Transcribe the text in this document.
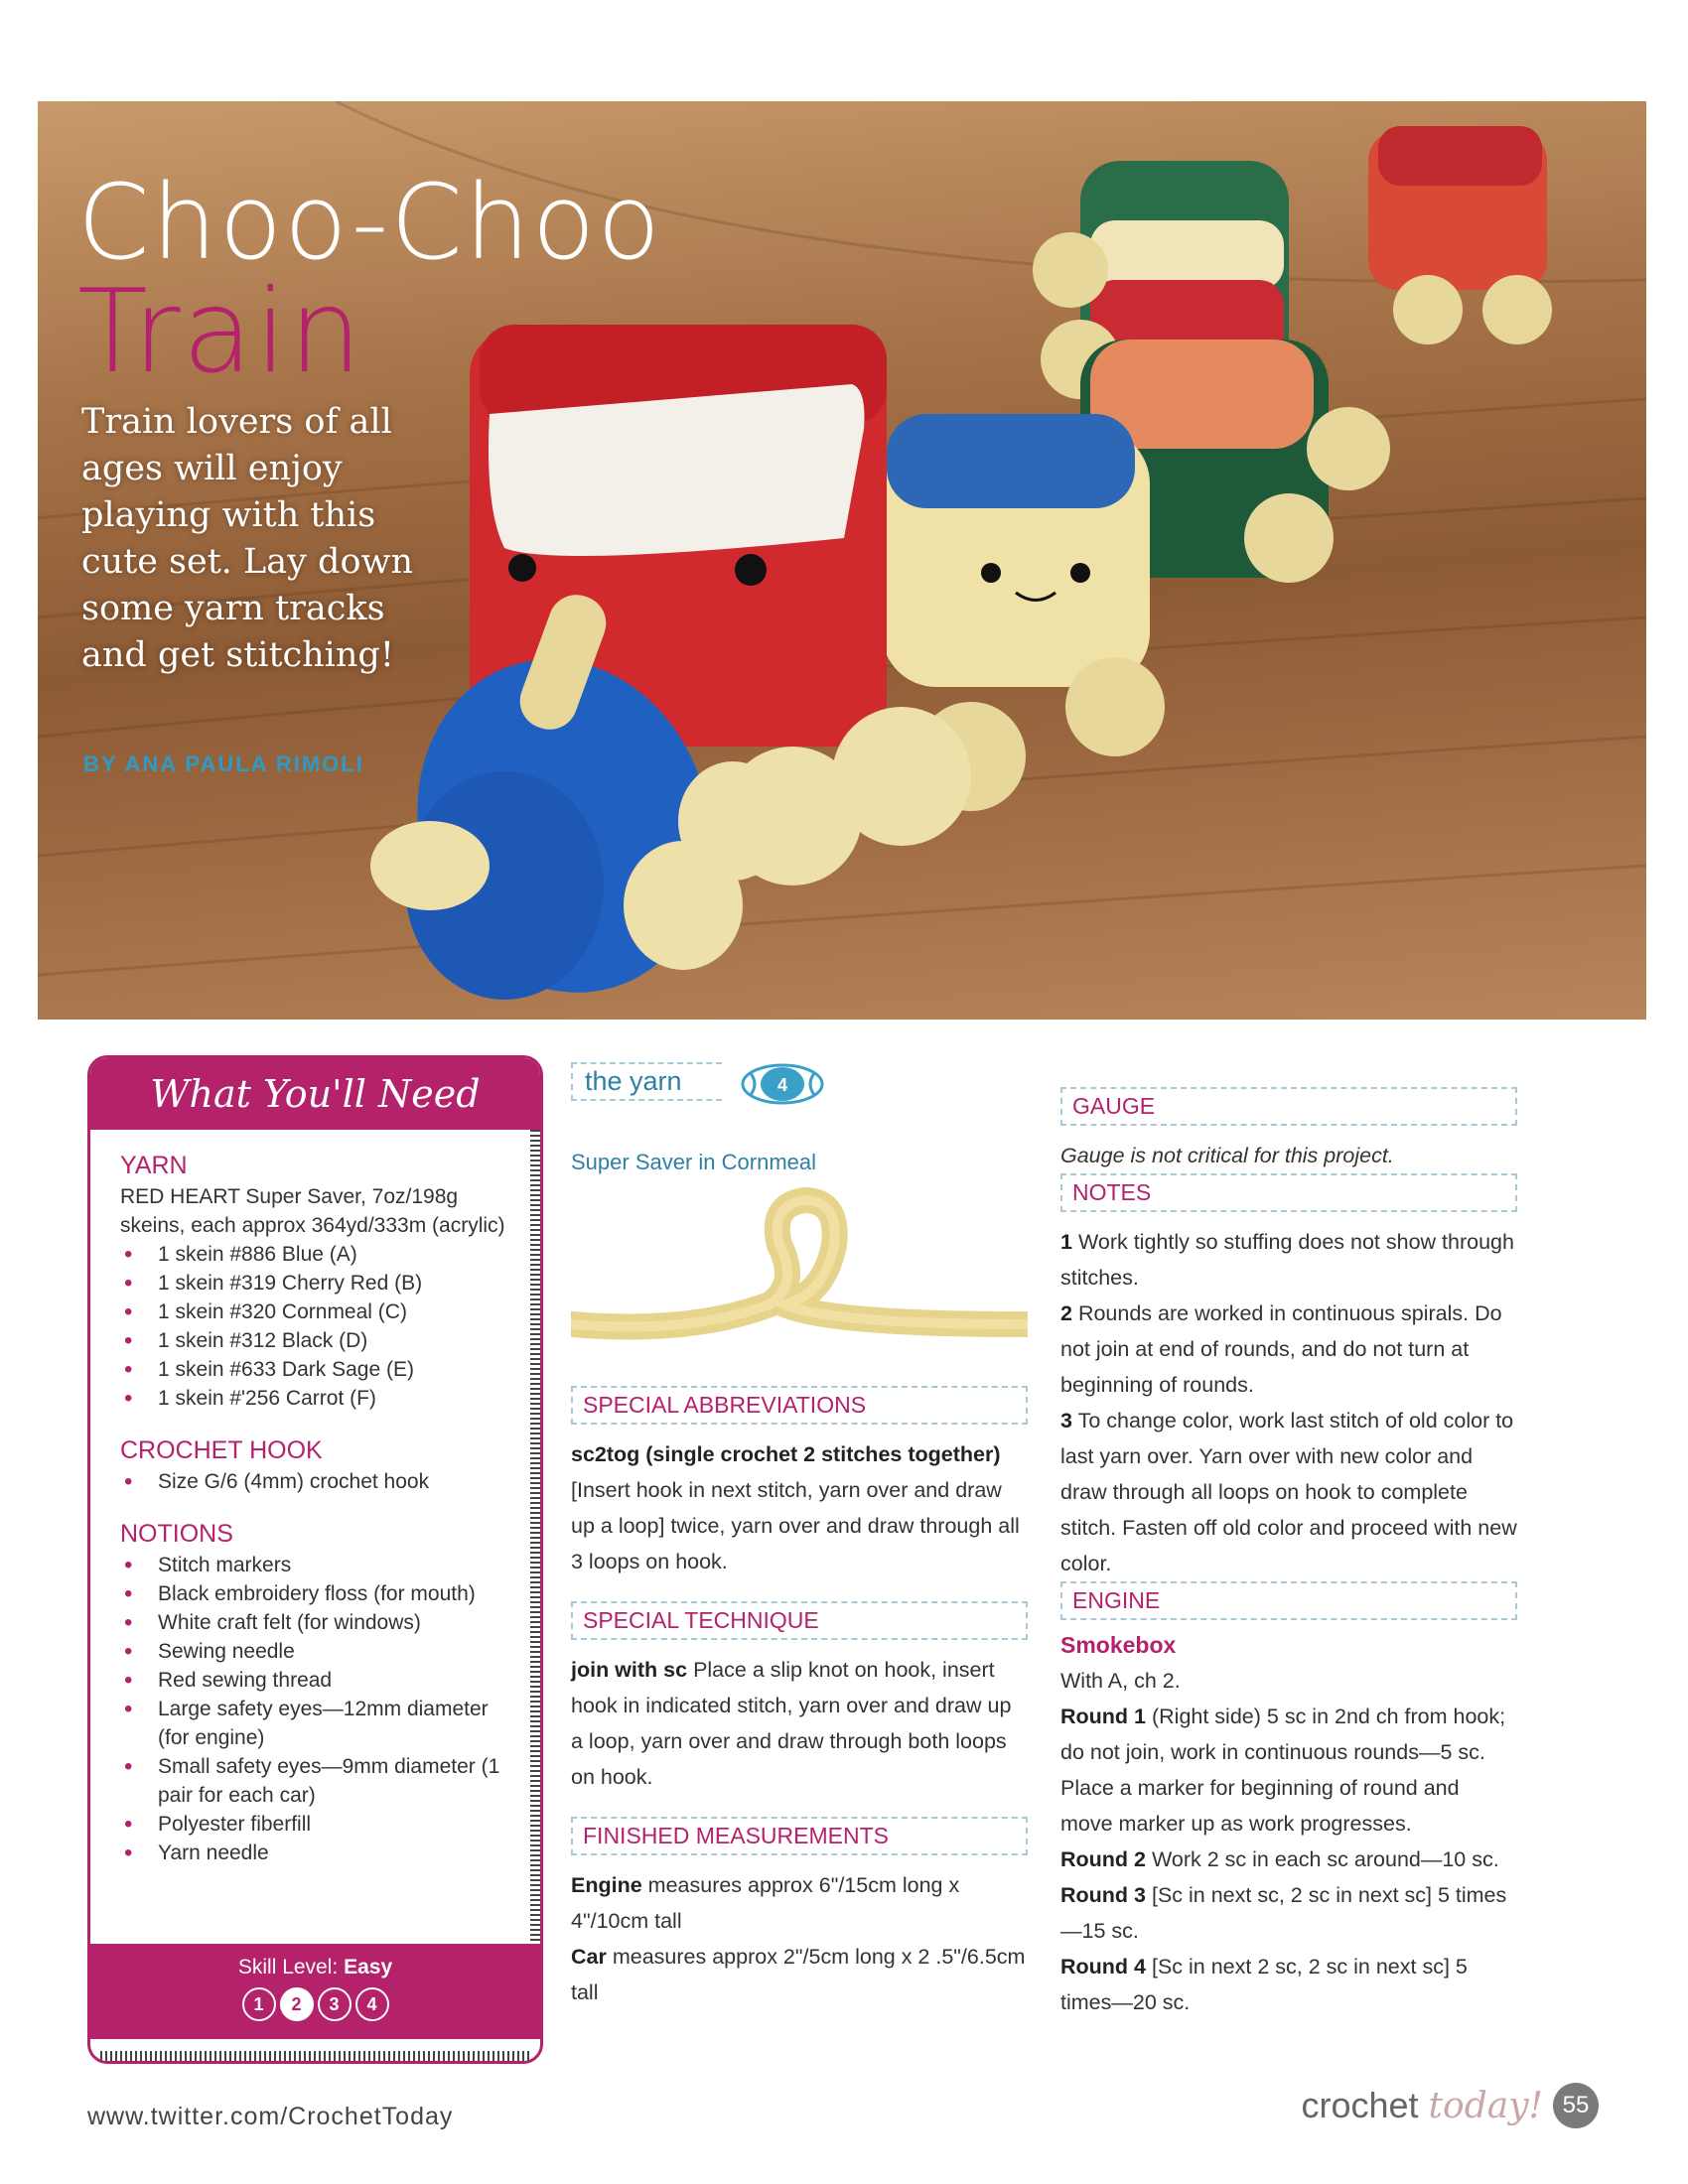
Choo-Choo
Train
Train lovers of all ages will enjoy playing with this cute set. Lay down some yarn tracks and get stitching!
BY ANA PAULA RIMOLI
What You'll Need
YARN
RED HEART Super Saver, 7oz/198g skeins, each approx 364yd/333m (acrylic)
• 1 skein #886 Blue (A)
• 1 skein #319 Cherry Red (B)
• 1 skein #320 Cornmeal (C)
• 1 skein #312 Black (D)
• 1 skein #633 Dark Sage (E)
• 1 skein #'256 Carrot (F)
CROCHET HOOK
• Size G/6 (4mm) crochet hook
NOTIONS
• Stitch markers
• Black embroidery floss (for mouth)
• White craft felt (for windows)
• Sewing needle
• Red sewing thread
• Large safety eyes—12mm diameter (for engine)
• Small safety eyes—9mm diameter (1 pair for each car)
• Polyester fiberfill
• Yarn needle
Skill Level: Easy
1	2	3	4
the yarn	4
Super Saver in Cornmeal
SPECIAL ABBREVIATIONS
sc2tog (single crochet 2 stitches together) [Insert hook in next stitch, yarn over and draw up a loop] twice, yarn over and draw through all 3 loops on hook.
SPECIAL TECHNIQUE
join with sc Place a slip knot on hook, insert hook in indicated stitch, yarn over and draw up a loop, yarn over and draw through both loops on hook.
FINISHED MEASUREMENTS
Engine measures approx 6"/15cm long x 4"/10cm tall
Car measures approx 2"/5cm long x 2 .5"/6.5cm tall
GAUGE
Gauge is not critical for this project.
NOTES
1 Work tightly so stuffing does not show through stitches.
2 Rounds are worked in continuous spirals. Do not join at end of rounds, and do not turn at beginning of rounds.
3 To change color, work last stitch of old color to last yarn over. Yarn over with new color and draw through all loops on hook to complete stitch. Fasten off old color and proceed with new color.
ENGINE
Smokebox
With A, ch 2.
Round 1 (Right side) 5 sc in 2nd ch from hook; do not join, work in continuous rounds—5 sc. Place a marker for beginning of round and move marker up as work progresses.
Round 2 Work 2 sc in each sc around—10 sc.
Round 3 [Sc in next sc, 2 sc in next sc] 5 times—15 sc.
Round 4 [Sc in next 2 sc, 2 sc in next sc] 5 times—20 sc.
www.twitter.com/CrochetToday	crochet today! 55
